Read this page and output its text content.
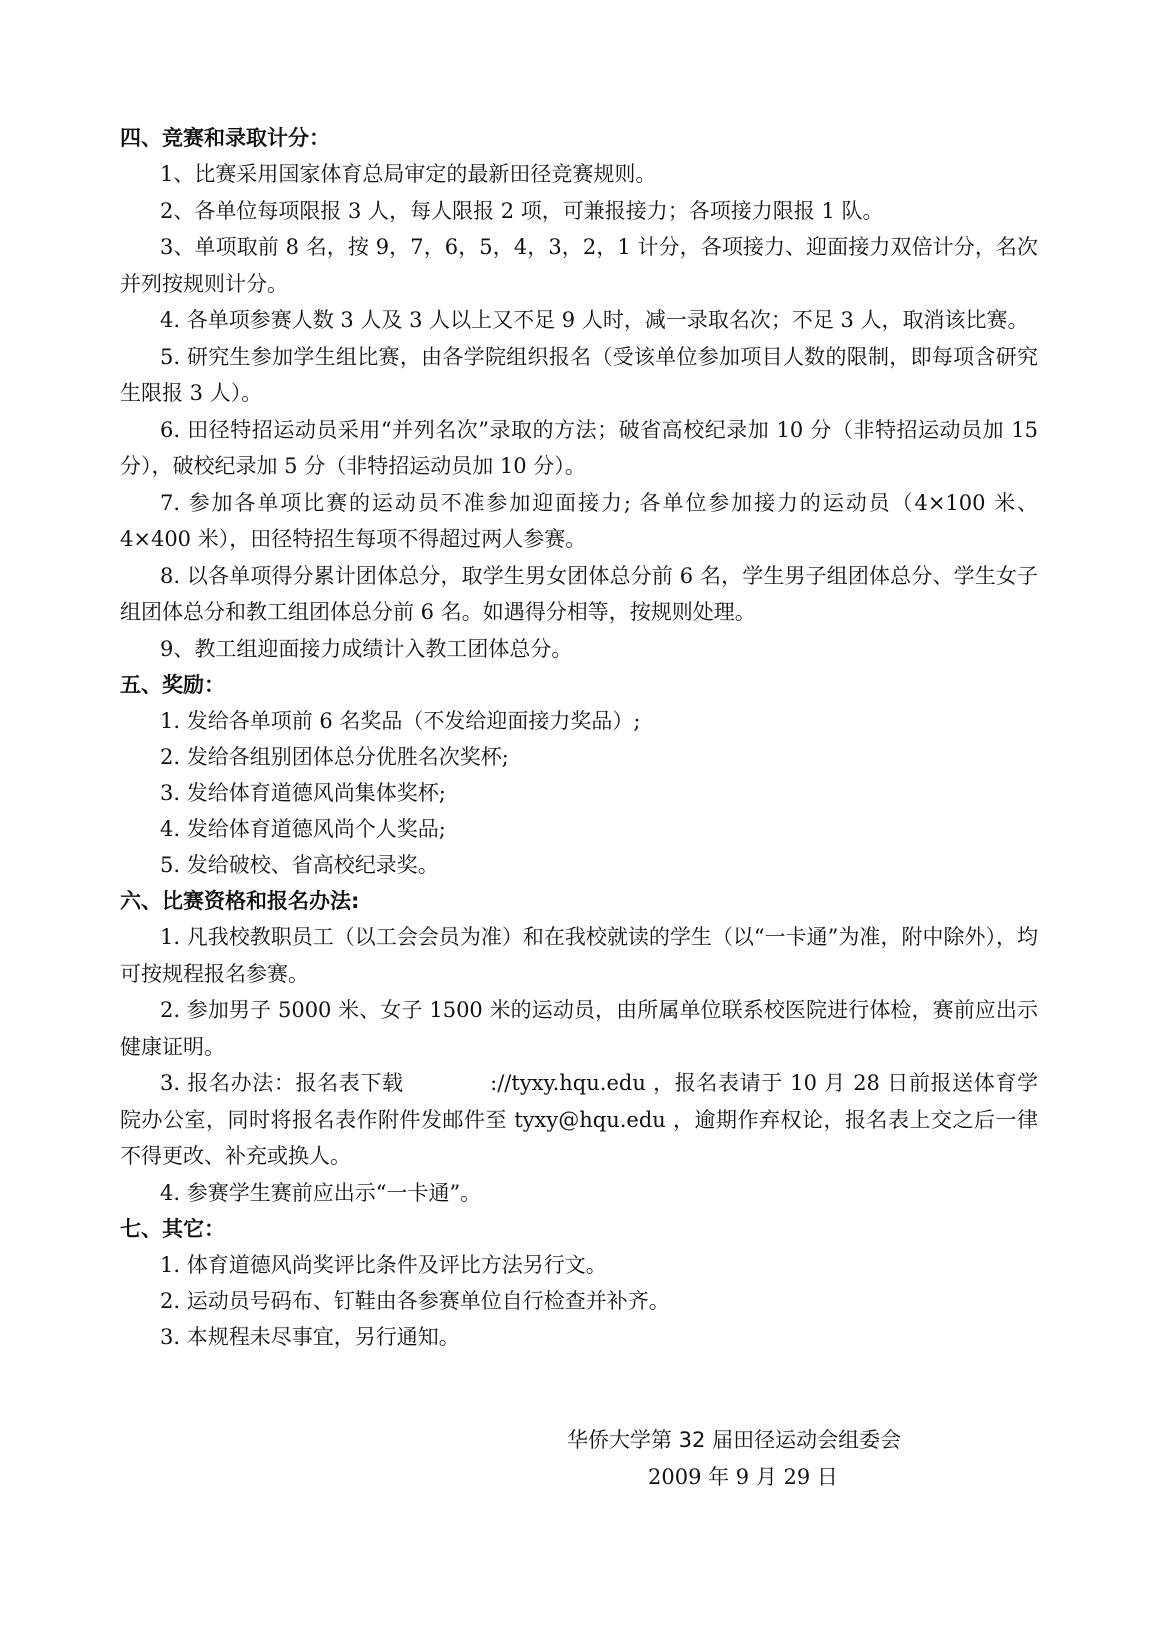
四、竞赛和录取计分：

1、比赛采用国家体育总局审定的最新田径竞赛规则。

2、各单位每项限报 3 人，每人限报 2 项，可兼报接力；各项接力限报 1 队。

3、单项取前 8 名，按 9，7，6，5，4，3，2，1 计分，各项接力、迎面接力双倍计分，名次并列按规则计分。

4. 各单项参赛人数 3 人及 3 人以上又不足 9 人时，减一录取名次；不足 3 人，取消该比赛。

5. 研究生参加学生组比赛，由各学院组织报名（受该单位参加项目人数的限制，即每项含研究生限报 3 人）。

6. 田径特招运动员采用“并列名次”录取的方法；破省高校纪录加 10 分（非特招运动员加 15 分），破校纪录加 5 分（非特招运动员加 10 分）。

7. 参加各单项比赛的运动员不准参加迎面接力; 各单位参加接力的运动员（4×100 米、4×400 米），田径特招生每项不得超过两人参赛。

8. 以各单项得分累计团体总分，取学生男女团体总分前 6 名，学生男子组团体总分、学生女子组团体总分和教工组团体总分前 6 名。如遇得分相等，按规则处理。

9、教工组迎面接力成绩计入教工团体总分。

五、奖励：

1. 发给各单项前 6 名奖品（不发给迎面接力奖品）;

2. 发给各组别团体总分优胜名次奖杯;

3. 发给体育道德风尚集体奖杯;

4. 发给体育道德风尚个人奖品;

5. 发给破校、省高校纪录奖。

六、比赛资格和报名办法:

1. 凡我校教职员工（以工会会员为准）和在我校就读的学生（以“一卡通”为准，附中除外），均可按规程报名参赛。

2. 参加男子 5000 米、女子 1500 米的运动员，由所属单位联系校医院进行体检，赛前应出示健康证明。

3. 报名办法：报名表下载　　　　://tyxy.hqu.edu ，报名表请于 10 月 28 日前报送体育学院办公室，同时将报名表作附件发邮件至 tyxy@hqu.edu ，逾期作弃权论，报名表上交之后一律不得更改、补充或换人。

4. 参赛学生赛前应出示“一卡通”。

七、其它：

1. 体育道德风尚奖评比条件及评比方法另行文。

2. 运动员号码布、钉鞋由各参赛单位自行检查并补齐。

3. 本规程未尽事宜，另行通知。

华侨大学第 32 届田径运动会组委会
2009 年 9 月 29 日
